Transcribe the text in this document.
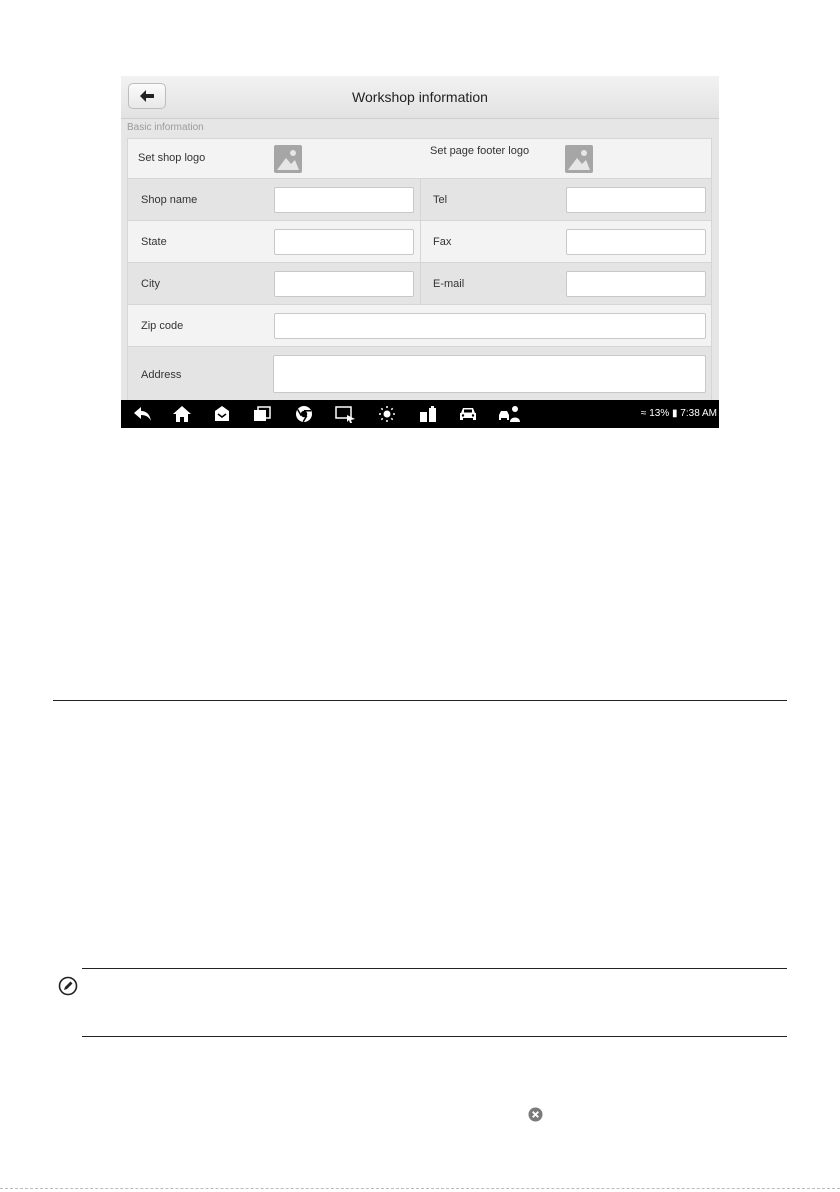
Workshop information
Basic information
Set shop logo
Set page footer logo
Shop name	Tel
State	Fax
City	E-mail
Zip code
Address
≈ 13% ▮ 7:38 AM
